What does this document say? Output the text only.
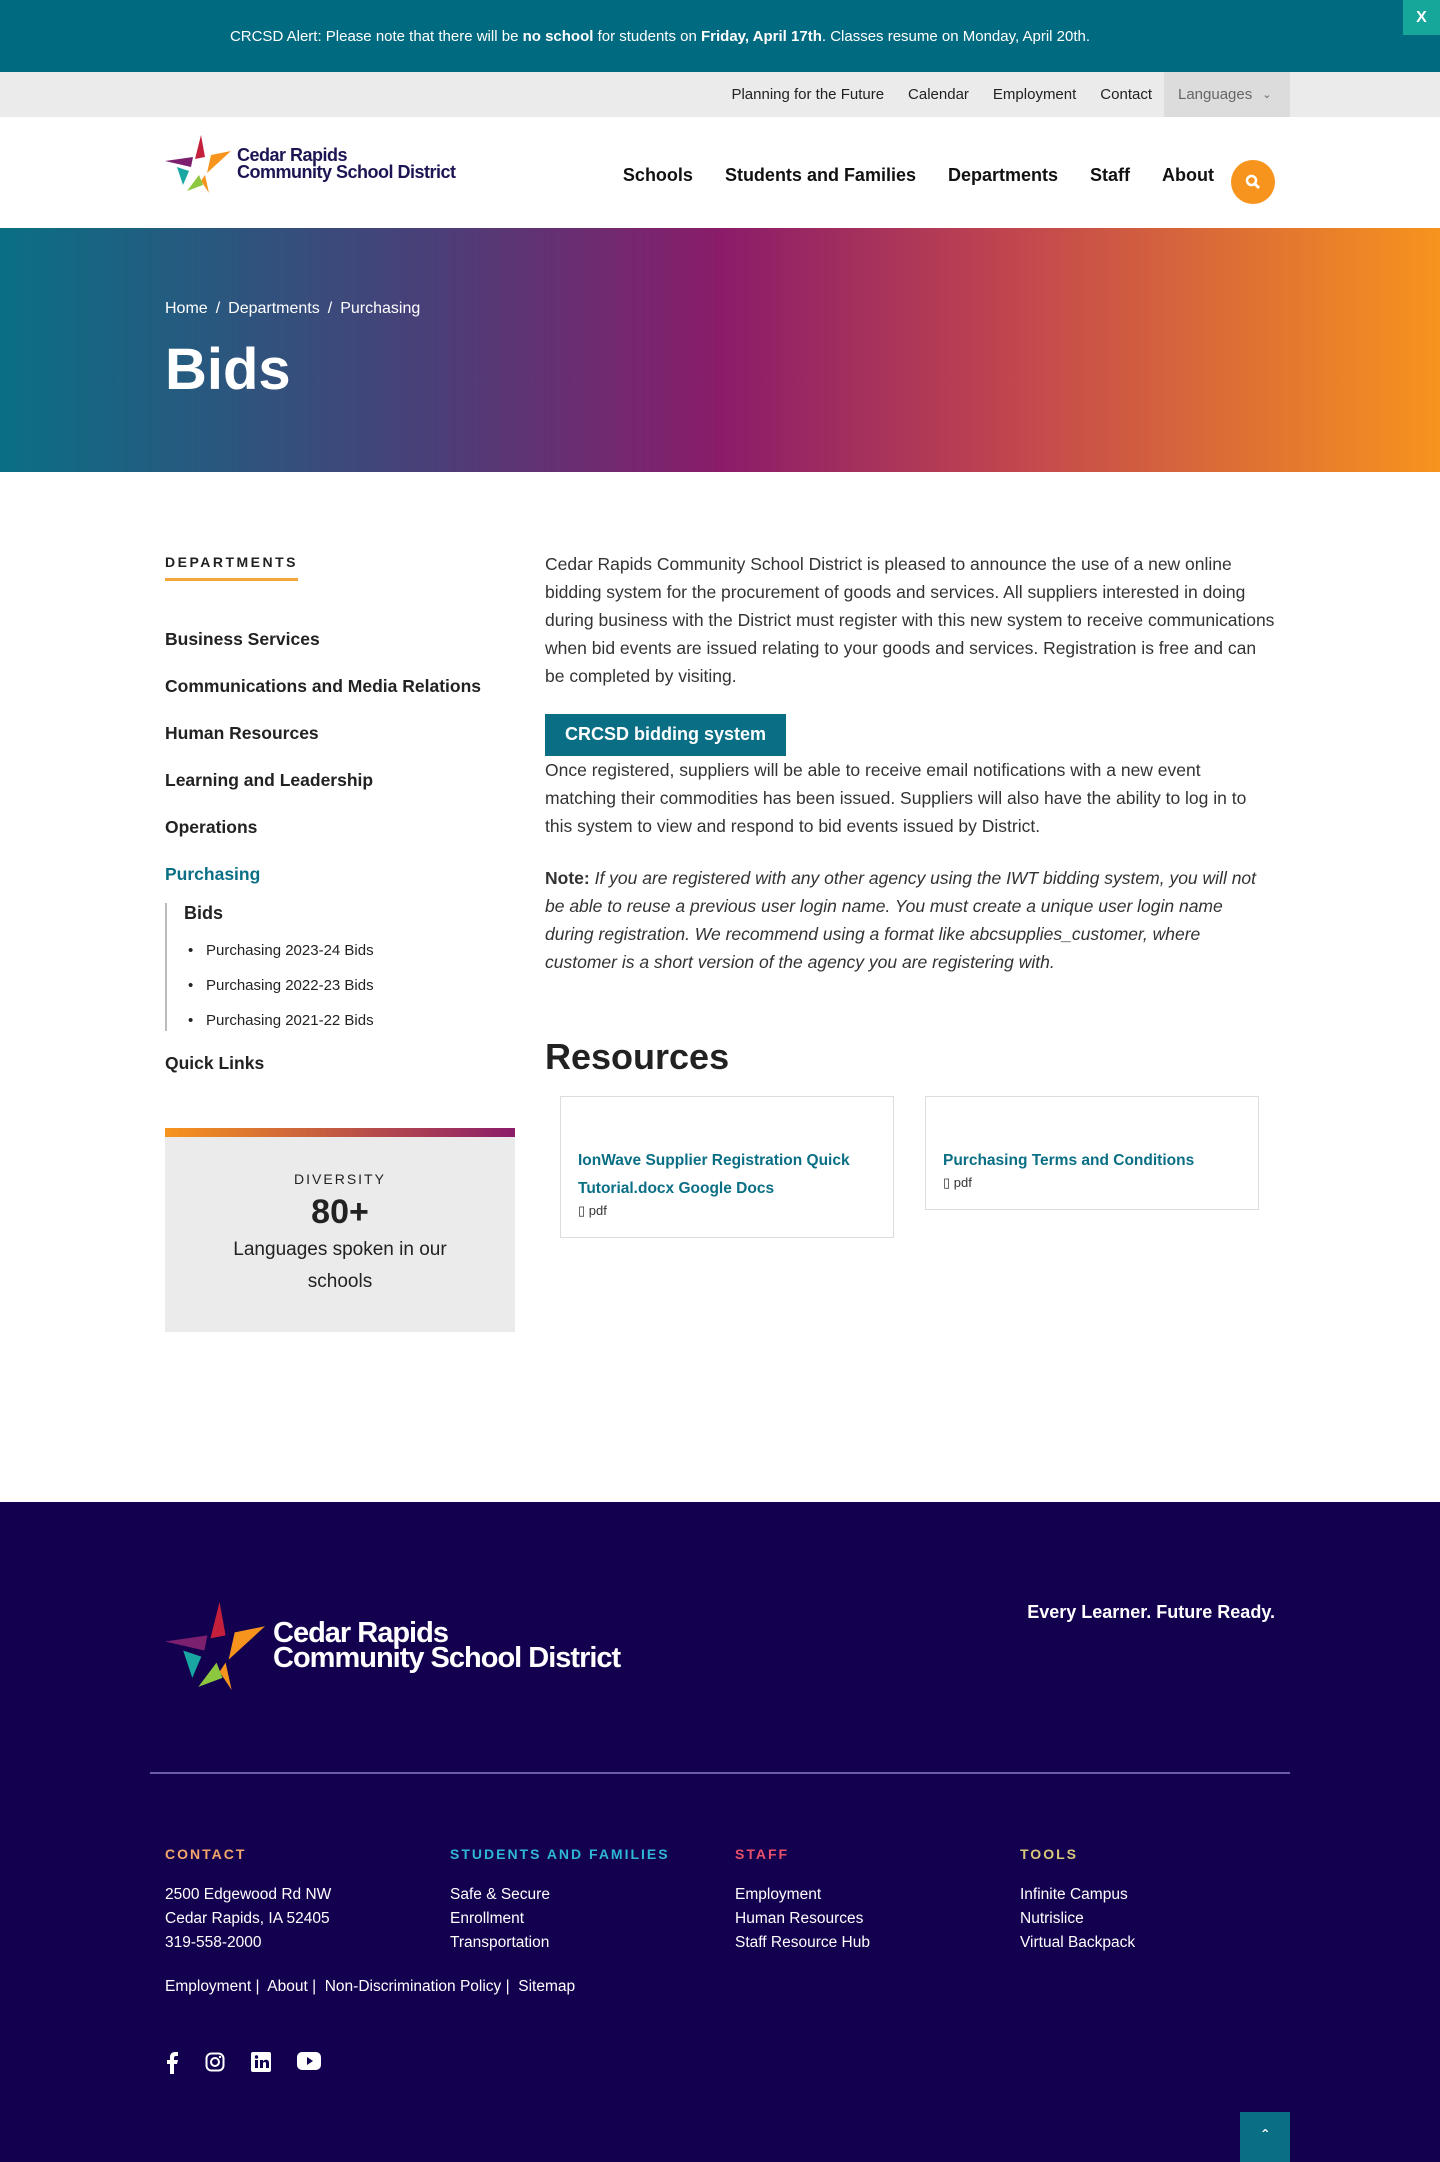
CRCSD Alert: Please note that there will be no school for students on Friday, April 17th. Classes resume on Monday, April 20th.
X
Planning for the Future	Calendar	Employment	Contact	Languages ⌄
Cedar Rapids
Community School District	Schools Students and Families Departments Staff About
Home / Departments / Purchasing
Bids
DEPARTMENTS
Business Services
Communications and Media Relations
Human Resources
Learning and Leadership
Operations
Purchasing
Bids
• Purchasing 2023-24 Bids
• Purchasing 2022-23 Bids
• Purchasing 2021-22 Bids
Quick Links
DIVERSITY
80+
Languages spoken in our schools

Cedar Rapids Community School District is pleased to announce the use of a new online bidding system for the procurement of goods and services. All suppliers interested in doing during business with the District must register with this new system to receive communications when bid events are issued relating to your goods and services. Registration is free and can be completed by visiting.

CRCSD bidding system

Once registered, suppliers will be able to receive email notifications with a new event matching their commodities has been issued. Suppliers will also have the ability to log in to this system to view and respond to bid events issued by District.

Note: If you are registered with any other agency using the IWT bidding system, you will not be able to reuse a previous user login name. You must create a unique user login name during registration. We recommend using a format like abcsupplies_customer, where customer is a short version of the agency you are registering with.

Resources
IonWave Supplier Registration Quick Tutorial.docx Google Docs
▯ pdf
Purchasing Terms and Conditions
▯ pdf
Cedar Rapids
Community School District
Every Learner. Future Ready.
CONTACT
2500 Edgewood Rd NW
Cedar Rapids, IA 52405
319-558-2000
STUDENTS AND FAMILIES
Safe & Secure
Enrollment
Transportation
STAFF
Employment
Human Resources
Staff Resource Hub
TOOLS
Infinite Campus
Nutrislice
Virtual Backpack
Employment |  About |  Non-Discrimination Policy |  Sitemap
ˆ
